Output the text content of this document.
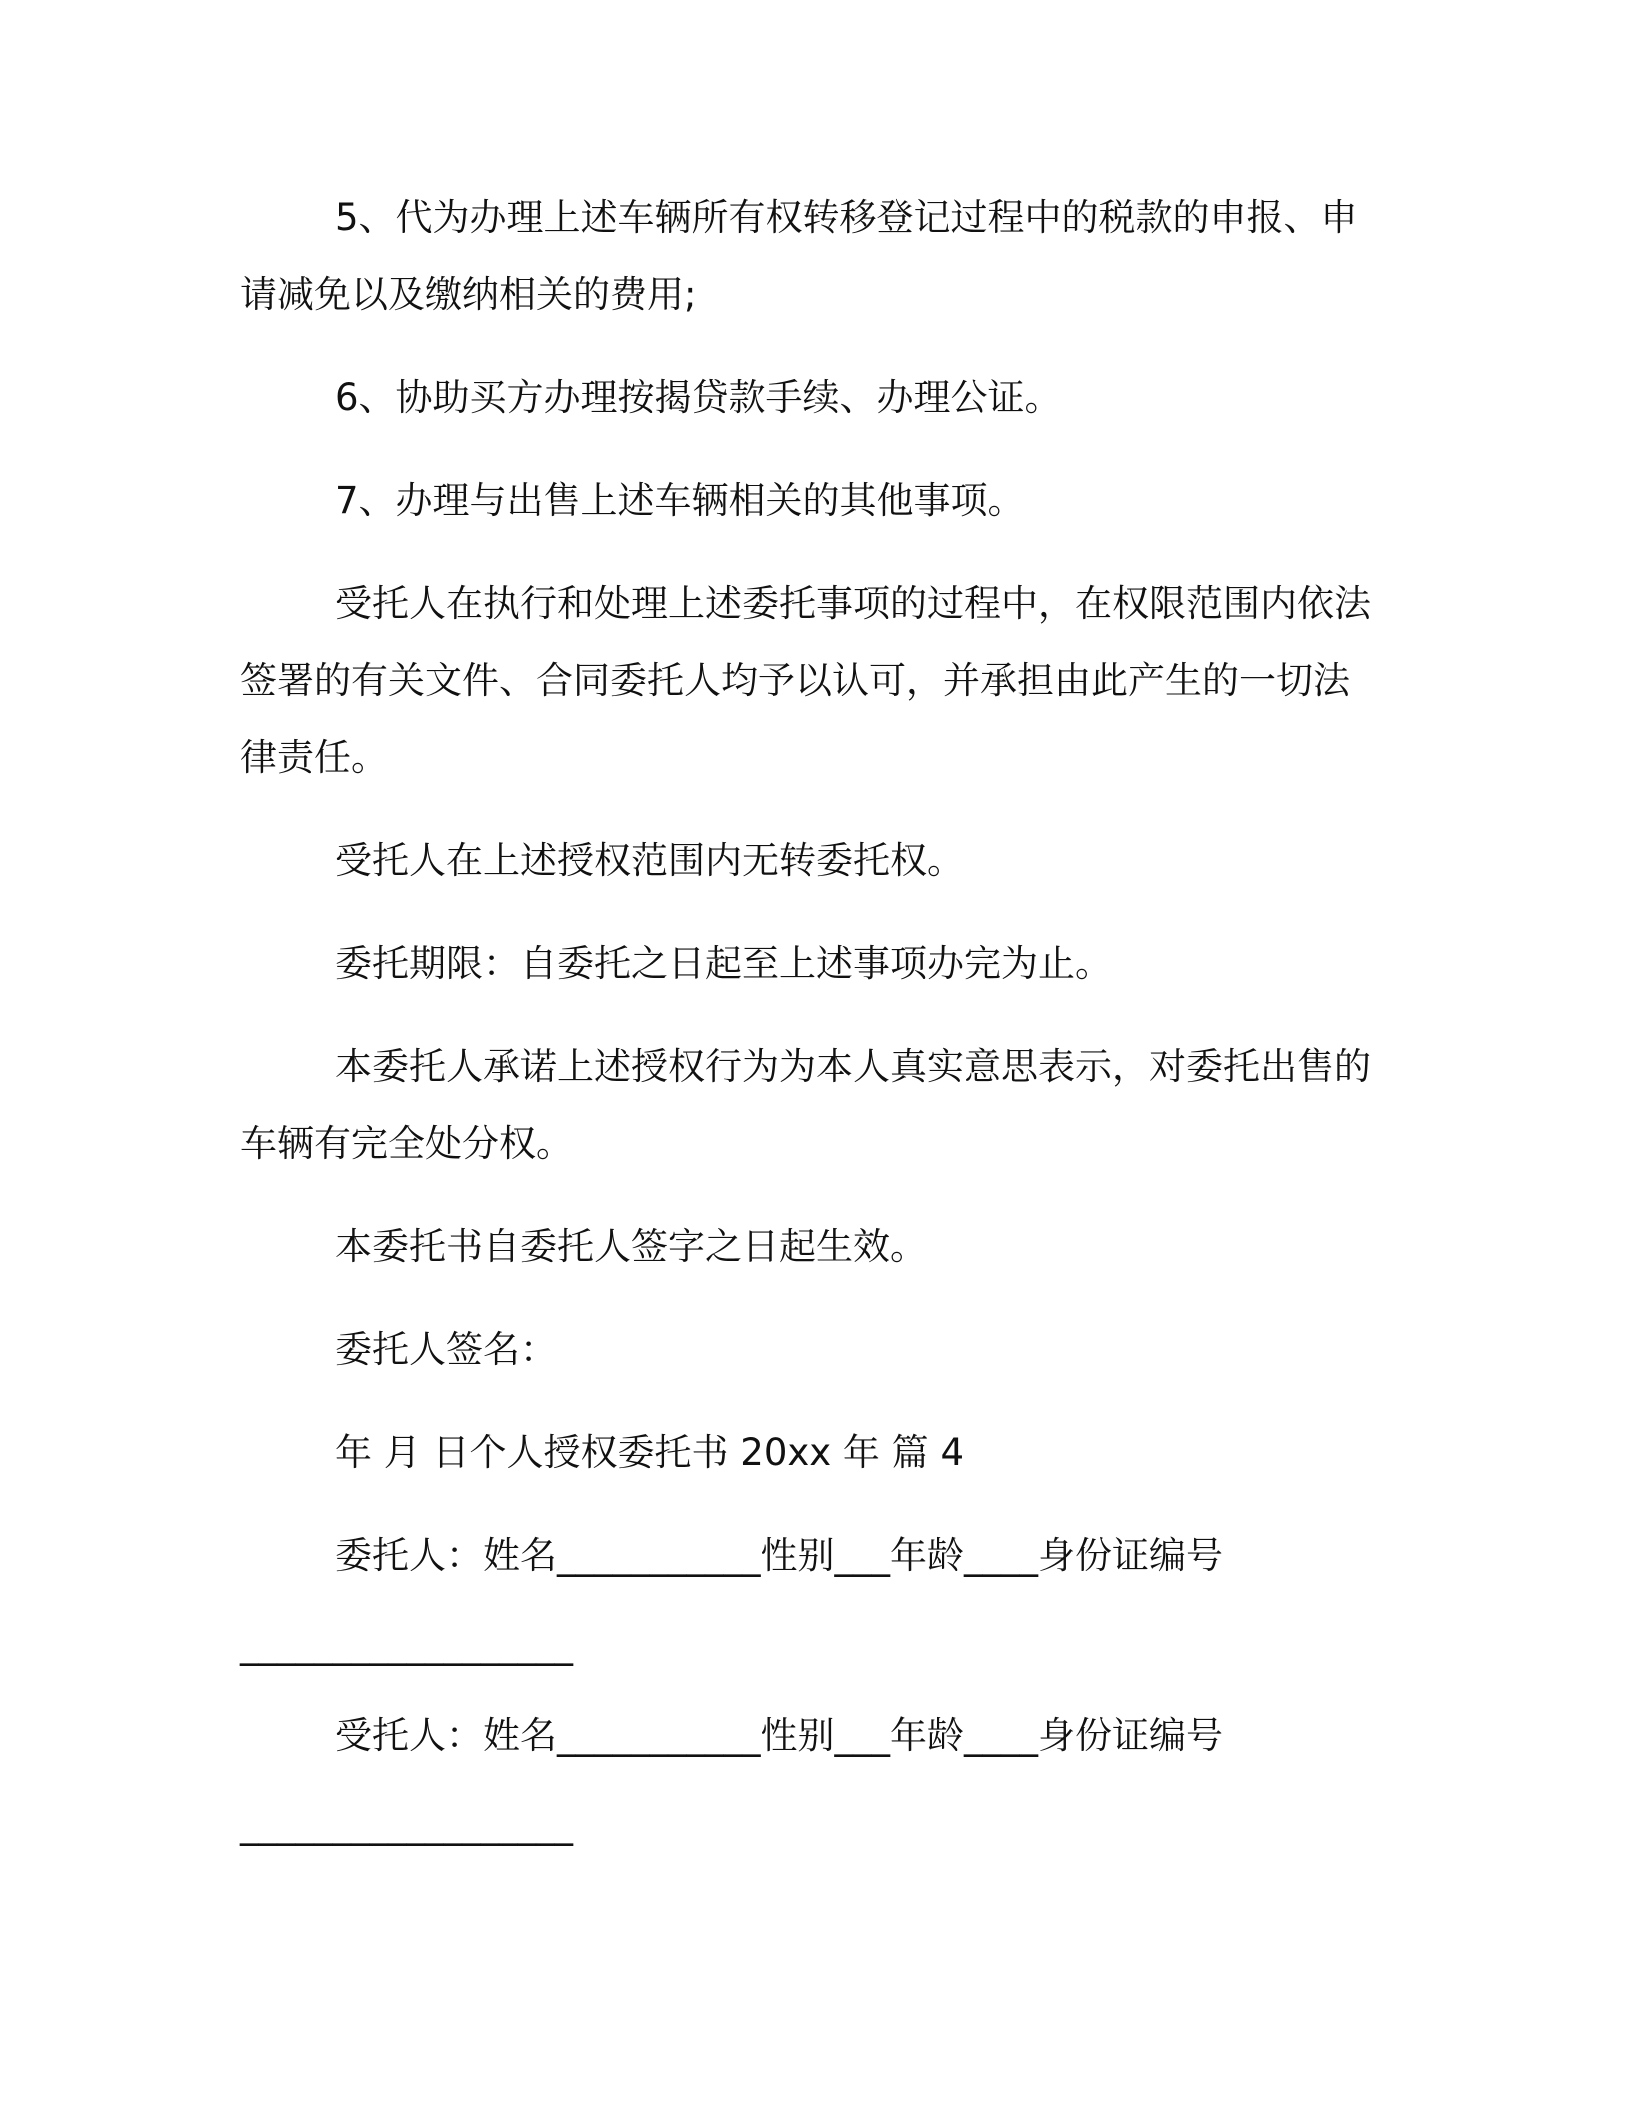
5、代为办理上述车辆所有权转移登记过程中的税款的申报、申
请减免以及缴纳相关的费用;
6、协助买方办理按揭贷款手续、办理公证。
7、办理与出售上述车辆相关的其他事项。
受托人在执行和处理上述委托事项的过程中，在权限范围内依法
签署的有关文件、合同委托人均予以认可，并承担由此产生的一切法
律责任。
受托人在上述授权范围内无转委托权。
委托期限：自委托之日起至上述事项办完为止。
本委托人承诺上述授权行为为本人真实意思表示，对委托出售的
车辆有完全处分权。
本委托书自委托人签字之日起生效。
委托人签名：
年 月 日个人授权委托书 20xx 年 篇 4
委托人：姓名___________性别___年龄____身份证编号
__________________
受托人：姓名___________性别___年龄____身份证编号
__________________
